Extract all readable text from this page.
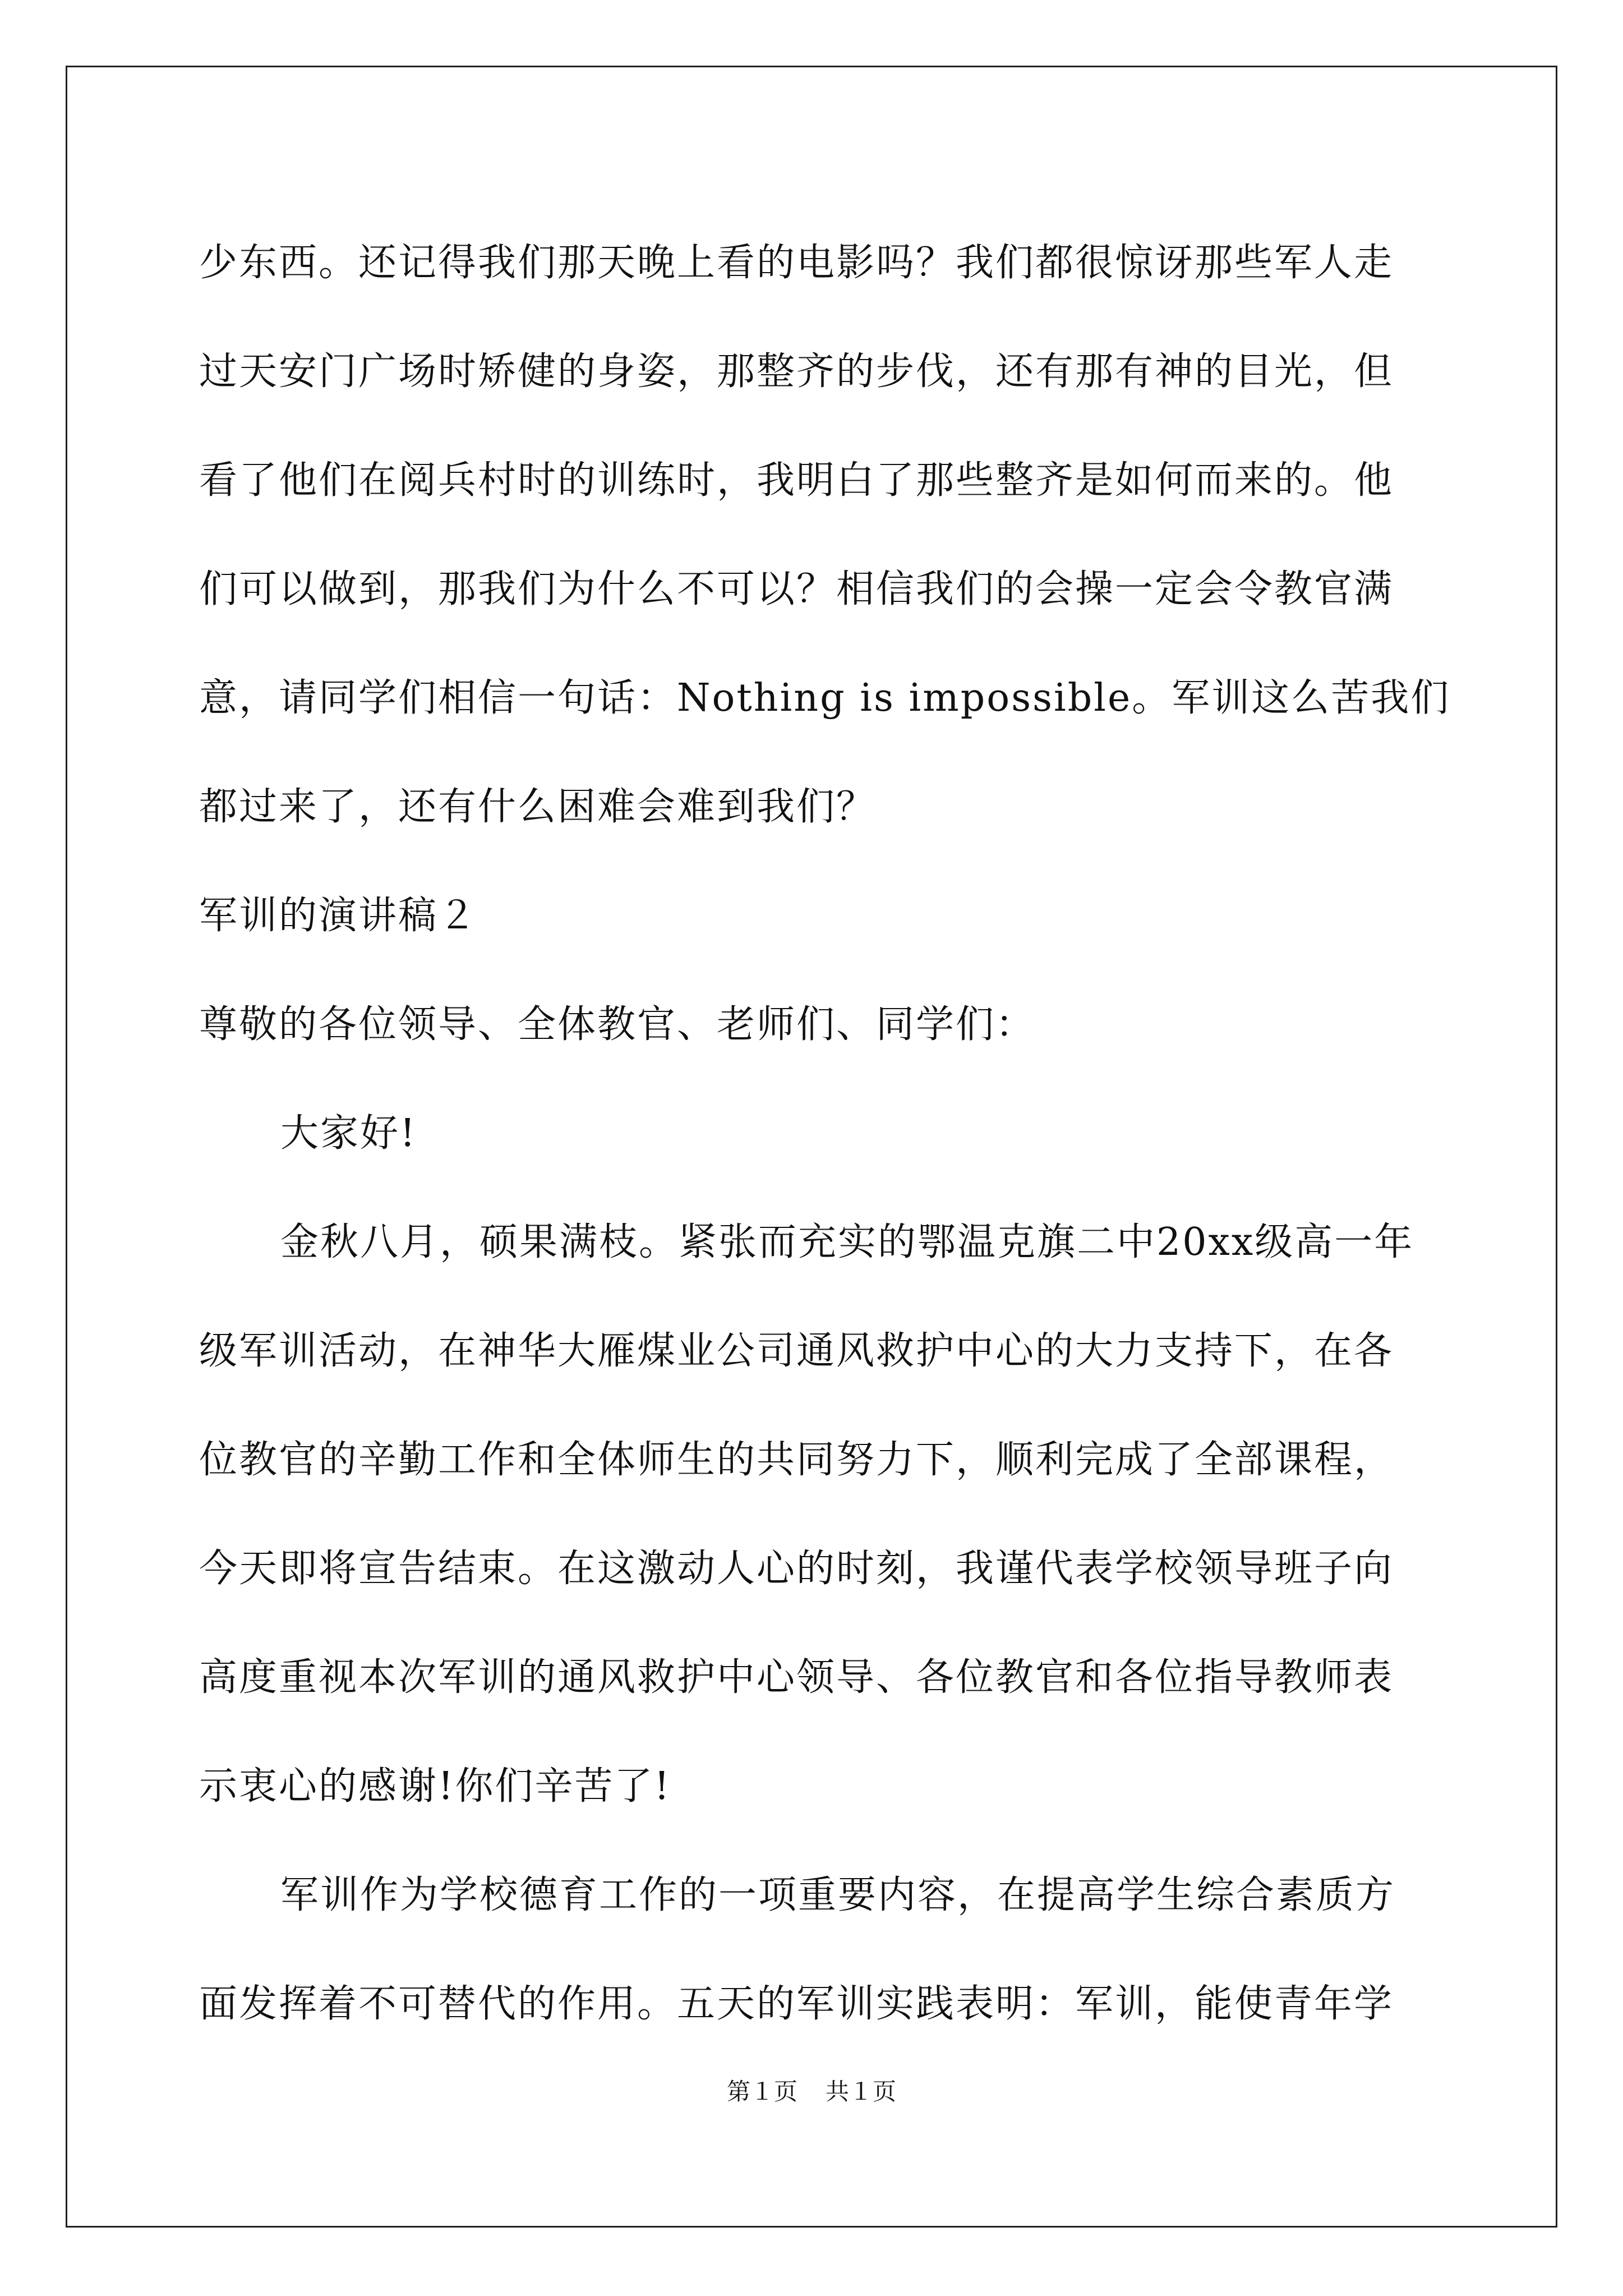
少东西。还记得我们那天晚上看的电影吗？我们都很惊讶那些军人走
过天安门广场时矫健的身姿，那整齐的步伐，还有那有神的目光，但
看了他们在阅兵村时的训练时，我明白了那些整齐是如何而来的。他
们可以做到，那我们为什么不可以？相信我们的会操一定会令教官满
意，请同学们相信一句话：Nothing is impossible。军训这么苦我们
都过来了，还有什么困难会难到我们？
军训的演讲稿２
尊敬的各位领导、全体教官、老师们、同学们：
大家好!
金秋八月，硕果满枝。紧张而充实的鄂温克旗二中20xx级高一年
级军训活动，在神华大雁煤业公司通风救护中心的大力支持下，在各
位教官的辛勤工作和全体师生的共同努力下，顺利完成了全部课程，
今天即将宣告结束。在这激动人心的时刻，我谨代表学校领导班子向
高度重视本次军训的通风救护中心领导、各位教官和各位指导教师表
示衷心的感谢!你们辛苦了!
军训作为学校德育工作的一项重要内容，在提高学生综合素质方
面发挥着不可替代的作用。五天的军训实践表明：军训，能使青年学
第１页 共１页
